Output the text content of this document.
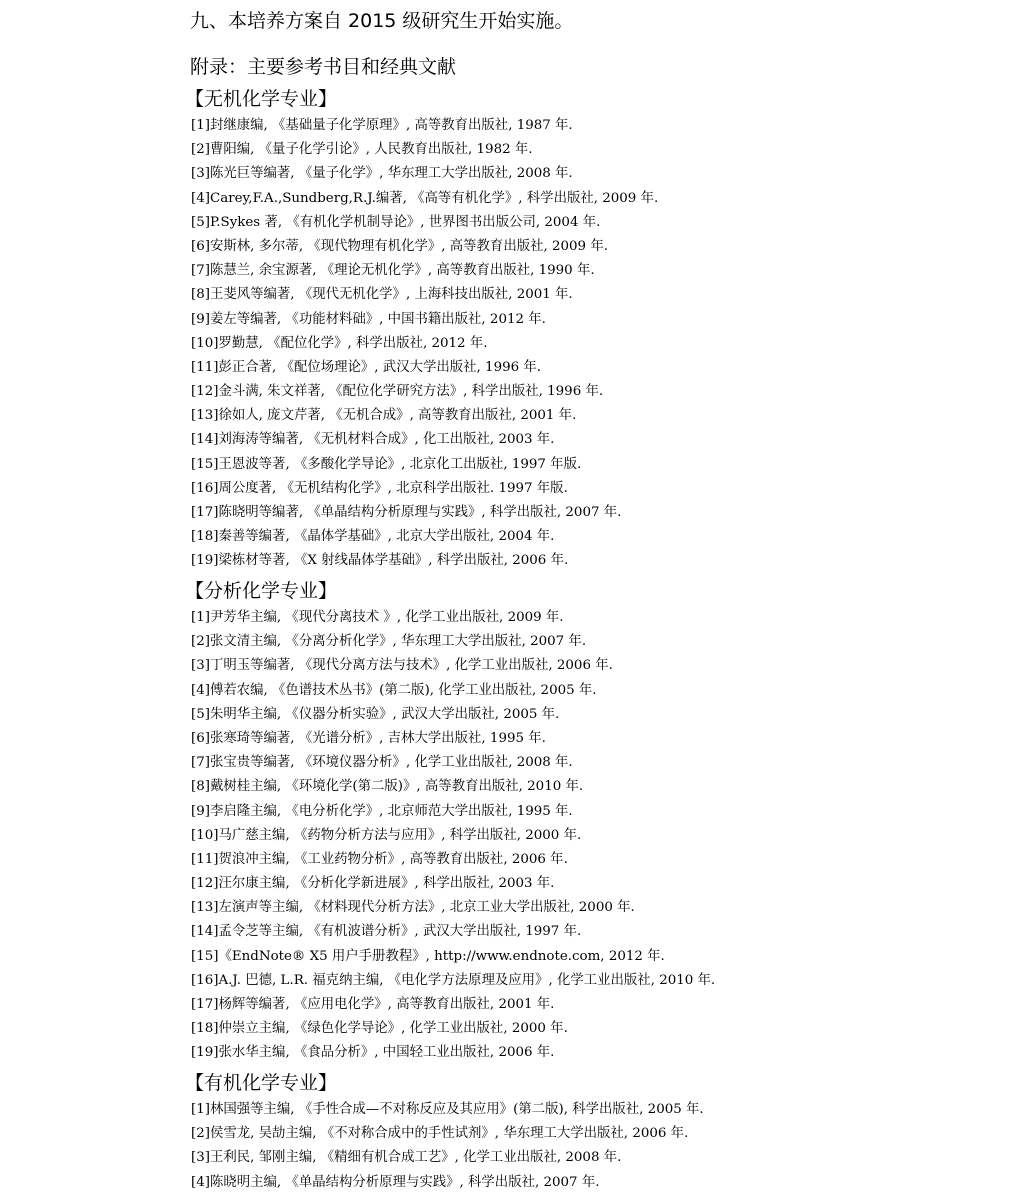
九、本培养方案自 2015 级研究生开始实施。
附录：主要参考书目和经典文献
【无机化学专业】
[1]封继康编, 《基础量子化学原理》, 高等教育出版社, 1987 年.
[2]曹阳编, 《量子化学引论》, 人民教育出版社, 1982 年.
[3]陈光巨等编著, 《量子化学》, 华东理工大学出版社, 2008 年.
[4]Carey,F.A.,Sundberg,R.J.编著, 《高等有机化学》, 科学出版社, 2009 年.
[5]P.Sykes 著, 《有机化学机制导论》, 世界图书出版公司, 2004 年.
[6]安斯林, 多尔蒂, 《现代物理有机化学》, 高等教育出版社, 2009 年.
[7]陈慧兰, 余宝源著, 《理论无机化学》, 高等教育出版社, 1990 年.
[8]王斐风等编著, 《现代无机化学》, 上海科技出版社, 2001 年.
[9]姜左等编著, 《功能材料础》, 中国书籍出版社, 2012 年.
[10]罗勤慧, 《配位化学》, 科学出版社, 2012 年.
[11]彭正合著, 《配位场理论》, 武汉大学出版社, 1996 年.
[12]金斗满, 朱文祥著, 《配位化学研究方法》, 科学出版社, 1996 年.
[13]徐如人, 庞文芹著, 《无机合成》, 高等教育出版社, 2001 年.
[14]刘海涛等编著, 《无机材料合成》, 化工出版社, 2003 年.
[15]王恩波等著, 《多酸化学导论》, 北京化工出版社, 1997 年版.
[16]周公度著, 《无机结构化学》, 北京科学出版社. 1997 年版.
[17]陈晓明等编著, 《单晶结构分析原理与实践》, 科学出版社, 2007 年.
[18]秦善等编著, 《晶体学基础》, 北京大学出版社, 2004 年.
[19]梁栋材等著, 《X 射线晶体学基础》, 科学出版社, 2006 年.
【分析化学专业】
[1]尹芳华主编, 《现代分离技术 》, 化学工业出版社, 2009 年.
[2]张文清主编, 《分离分析化学》, 华东理工大学出版社, 2007 年.
[3]丁明玉等编著, 《现代分离方法与技术》, 化学工业出版社, 2006 年.
[4]傅若农编, 《色谱技术丛书》(第二版), 化学工业出版社, 2005 年.
[5]朱明华主编, 《仪器分析实验》, 武汉大学出版社, 2005 年.
[6]张寒琦等编著, 《光谱分析》, 吉林大学出版社, 1995 年.
[7]张宝贵等编著, 《环境仪器分析》, 化学工业出版社, 2008 年.
[8]戴树桂主编, 《环境化学(第二版)》, 高等教育出版社, 2010 年.
[9]李启隆主编, 《电分析化学》, 北京师范大学出版社, 1995 年.
[10]马广慈主编, 《药物分析方法与应用》, 科学出版社, 2000 年.
[11]贺浪冲主编, 《工业药物分析》, 高等教育出版社, 2006 年.
[12]汪尔康主编, 《分析化学新进展》, 科学出版社, 2003 年.
[13]左演声等主编, 《材料现代分析方法》, 北京工业大学出版社, 2000 年.
[14]孟令芝等主编, 《有机波谱分析》, 武汉大学出版社, 1997 年.
[15]《EndNote® X5 用户手册教程》, http://www.endnote.com, 2012 年.
[16]A.J. 巴德, L.R. 福克纳主编, 《电化学方法原理及应用》, 化学工业出版社, 2010 年.
[17]杨辉等编著, 《应用电化学》, 高等教育出版社, 2001 年.
[18]仲崇立主编, 《绿色化学导论》, 化学工业出版社, 2000 年.
[19]张水华主编, 《食品分析》, 中国轻工业出版社, 2006 年.
【有机化学专业】
[1]林国强等主编, 《手性合成—不对称反应及其应用》(第二版), 科学出版社, 2005 年.
[2]侯雪龙, 吴劼主编, 《不对称合成中的手性试剂》, 华东理工大学出版社, 2006 年.
[3]王利民, 邹刚主编, 《精细有机合成工艺》, 化学工业出版社, 2008 年.
[4]陈晓明主编, 《单晶结构分析原理与实践》, 科学出版社, 2007 年.
